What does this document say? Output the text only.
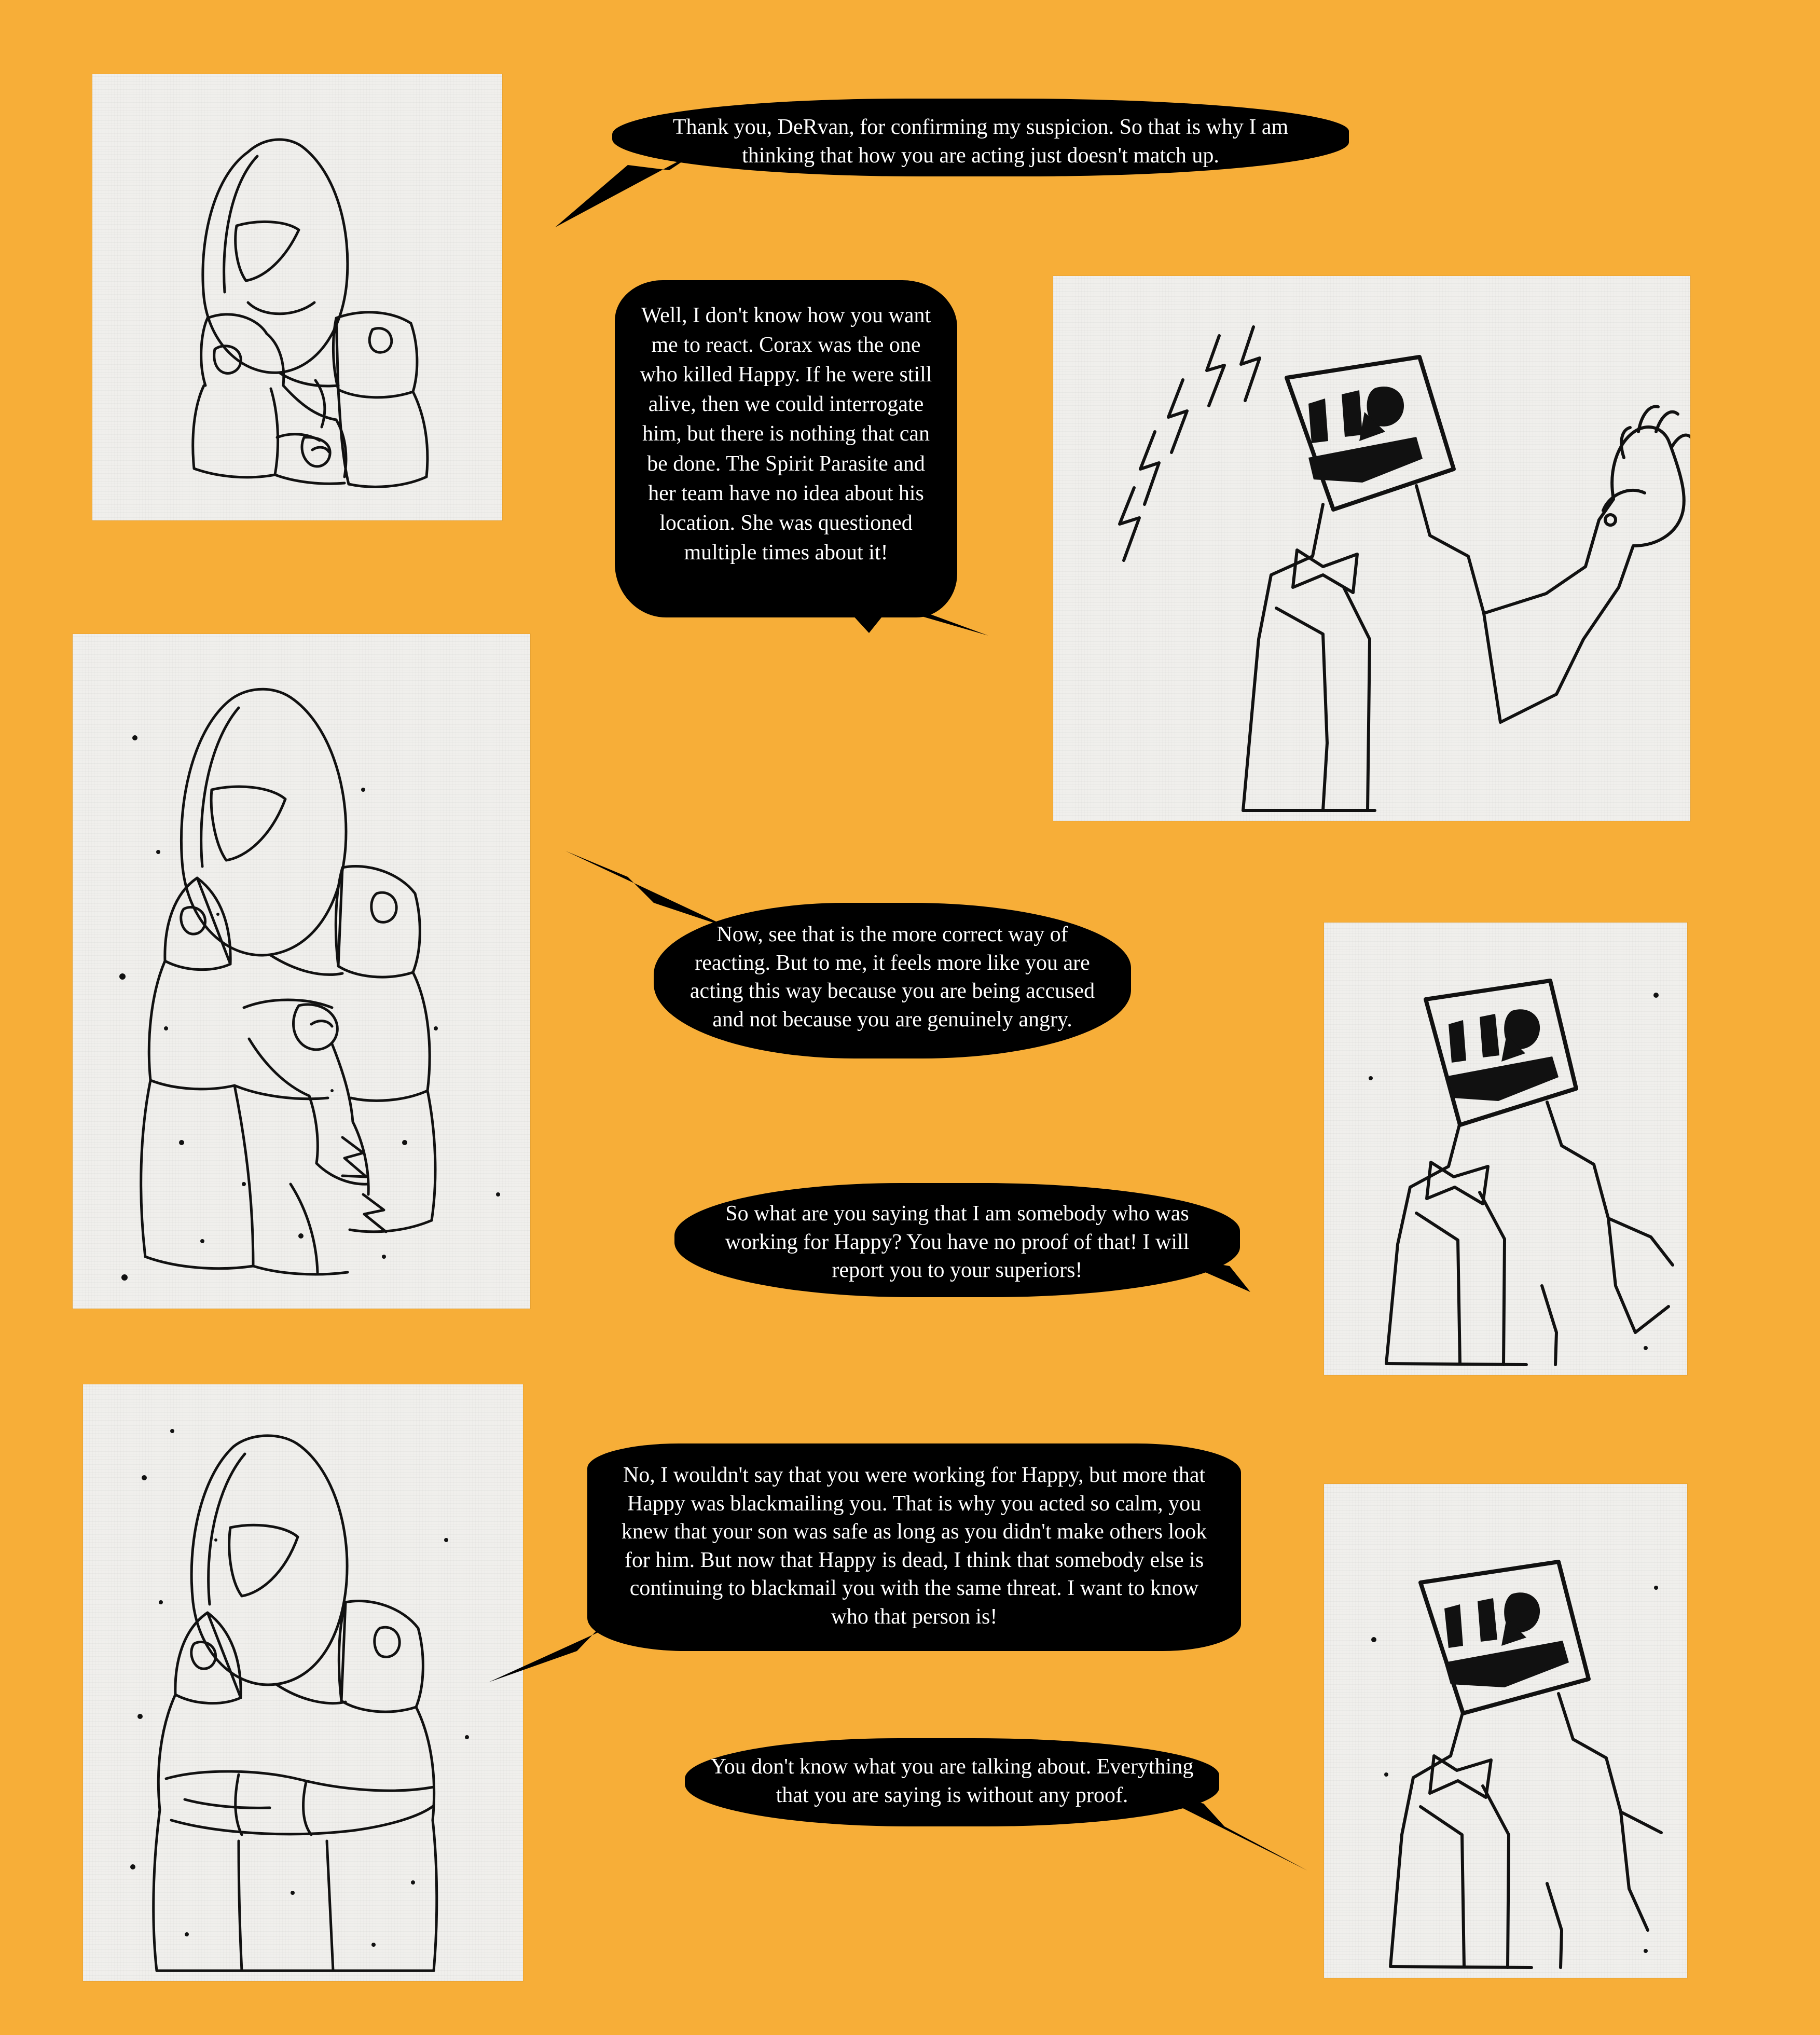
Thank you, DeRvan, for confirming my suspicion. So that is why I am thinking that how you are acting just doesn't match up.
Well, I don't know how you want me to react. Corax was the one who killed Happy. If he were still alive, then we could interrogate him, but there is nothing that can be done. The Spirit Parasite and her team have no idea about his location. She was questioned multiple times about it!
Now, see that is the more correct way of reacting. But to me, it feels more like you are acting this way because you are being accused and not because you are genuinely angry.
So what are you saying that I am somebody who was working for Happy? You have no proof of that! I will report you to your superiors!
No, I wouldn't say that you were working for Happy, but more that Happy was blackmailing you. That is why you acted so calm, you knew that your son was safe as long as you didn't make others look for him. But now that Happy is dead, I think that somebody else is continuing to blackmail you with the same threat. I want to know who that person is!
You don't know what you are talking about. Everything that you are saying is without any proof.
